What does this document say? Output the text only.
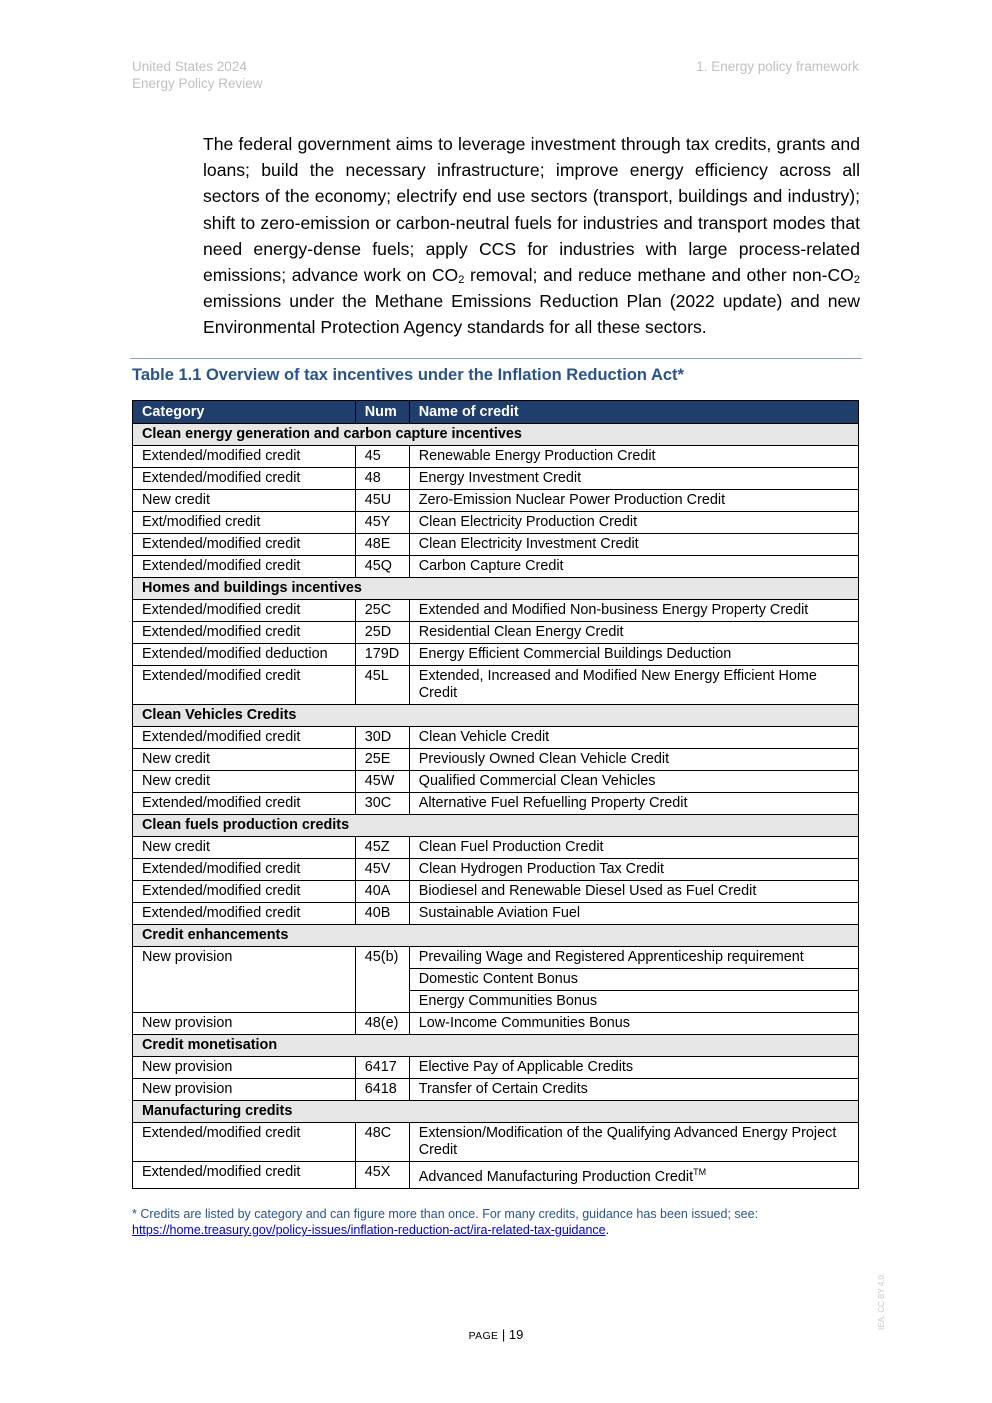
United States 2024
Energy Policy Review
1. Energy policy framework

The federal government aims to leverage investment through tax credits, grants and loans; build the necessary infrastructure; improve energy efficiency across all sectors of the economy; electrify end use sectors (transport, buildings and industry); shift to zero-emission or carbon-neutral fuels for industries and transport modes that need energy-dense fuels; apply CCS for industries with large process-related emissions; advance work on $CO_2$ removal; and reduce methane and other non-$CO_2$ emissions under the Methane Emissions Reduction Plan (2022 update) and new Environmental Protection Agency standards for all these sectors.

Table 1.1 Overview of tax incentives under the Inflation Reduction Act*
Category	Num	Name of credit
Clean energy generation and carbon capture incentives		
Extended/modified credit	45	Renewable Energy Production Credit
Extended/modified credit	48	Energy Investment Credit
New credit	45U	Zero-Emission Nuclear Power Production Credit
Ext/modified credit	45Y	Clean Electricity Production Credit
Extended/modified credit	48E	Clean Electricity Investment Credit
Extended/modified credit	45Q	Carbon Capture Credit
Homes and buildings incentives		
Extended/modified credit	25C	Extended and Modified Non-business Energy Property Credit
Extended/modified credit	25D	Residential Clean Energy Credit
Extended/modified deduction	179D	Energy Efficient Commercial Buildings Deduction
Extended/modified credit	45L	Extended, Increased and Modified New Energy Efficient Home Credit
Clean Vehicles Credits		
Extended/modified credit	30D	Clean Vehicle Credit
New credit	25E	Previously Owned Clean Vehicle Credit
New credit	45W	Qualified Commercial Clean Vehicles
Extended/modified credit	30C	Alternative Fuel Refuelling Property Credit
Clean fuels production credits		
New credit	45Z	Clean Fuel Production Credit
Extended/modified credit	45V	Clean Hydrogen Production Tax Credit
Extended/modified credit	40A	Biodiesel and Renewable Diesel Used as Fuel Credit
Extended/modified credit	40B	Sustainable Aviation Fuel
Credit enhancements		
New provision	45(b)	Prevailing Wage and Registered Apprenticeship requirement
		Domestic Content Bonus
		Energy Communities Bonus
New provision	48(e)	Low-Income Communities Bonus
Credit monetisation		
New provision	6417	Elective Pay of Applicable Credits
New provision	6418	Transfer of Certain Credits
Manufacturing credits		
Extended/modified credit	48C	Extension/Modification of the Qualifying Advanced Energy Project Credit
Extended/modified credit	45X	Advanced Manufacturing Production Credit™
* Credits are listed by category and can figure more than once. For many credits, guidance has been issued; see:
https://home.treasury.gov/policy-issues/inflation-reduction-act/ira-related-tax-guidance.
PAGE | 19
IEA. CC BY 4.0.
